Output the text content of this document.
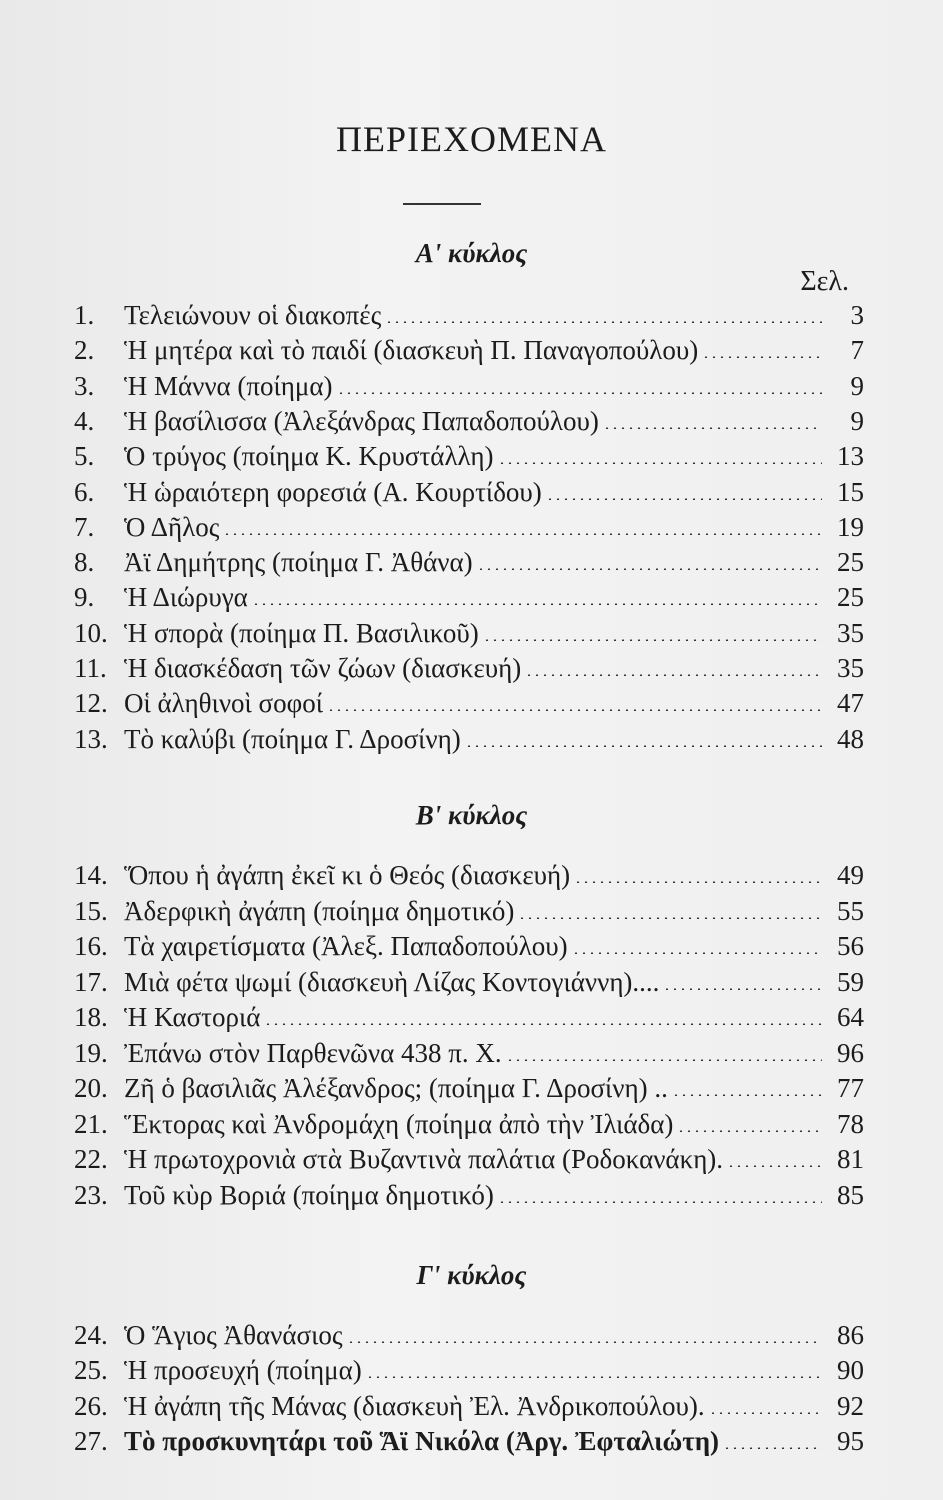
ΠΕΡΙΕΧΟΜΕΝΑ
Α' κύκλος
Σελ.
Β' κύκλος
Γ' κύκλος
1.	Τελειώνουν οἱ διακοπές	3
2.	Ἡ μητέρα καὶ τὸ παιδί (διασκευὴ Π. Παναγοπούλου)	7
3.	Ἡ Μάννα (ποίημα)	9
4.	Ἡ βασίλισσα (Ἀλεξάνδρας Παπαδοπούλου)	9
5.	Ὁ τρύγος (ποίημα Κ. Κρυστάλλη)	13
6.	Ἡ ὡραιότερη φορεσιά (Α. Κουρτίδου)	15
7.	Ὁ Δῆλος	19
8.	Ἀϊ Δημήτρης (ποίημα Γ. Ἀθάνα)	25
9.	Ἡ Διώρυγα	25
10. Ἡ σπορὰ (ποίημα Π. Βασιλικοῦ)	35
11. Ἡ διασκέδαση τῶν ζώων (διασκευή)	35
12. Οἱ ἀληθινοὶ σοφοί	47
13. Τὸ καλύβι (ποίημα Γ. Δροσίνη)	48
14. Ὅπου ἡ ἀγάπη ἐκεῖ κι ὁ Θεός (διασκευή)	49
15. Ἀδερφικὴ ἀγάπη (ποίημα δημοτικό)	55
16. Τὰ χαιρετίσματα (Ἀλεξ. Παπαδοπούλου)	56
17. Μιὰ φέτα ψωμί (διασκευὴ Λίζας Κοντογιάννη)....	59
18. Ἡ Καστοριά	64
19. Ἐπάνω στὸν Παρθενῶνα 438 π. Χ.	96
20. Ζῆ ὁ βασιλιᾶς Ἀλέξανδρος; (ποίημα Γ. Δροσίνη) ..	77
21. Ἕκτορας καὶ Ἀνδρομάχη (ποίημα ἀπὸ τὴν Ἰλιάδα)	78
22. Ἡ πρωτοχρονιὰ στὰ Βυζαντινὰ παλάτια (Ροδοκανάκη).	81
23. Τοῦ κὺρ Βοριά (ποίημα δημοτικό)	85
24. Ὁ Ἅγιος Ἀθανάσιος	86
25. Ἡ προσευχή (ποίημα)	90
26. Ἡ ἀγάπη τῆς Μάνας (διασκευὴ Ἐλ. Ἀνδρικοπούλου).	92
27. Τὸ προσκυνητάρι τοῦ Ἅϊ Νικόλα (Ἀργ. Ἐφταλιώτη)	95
